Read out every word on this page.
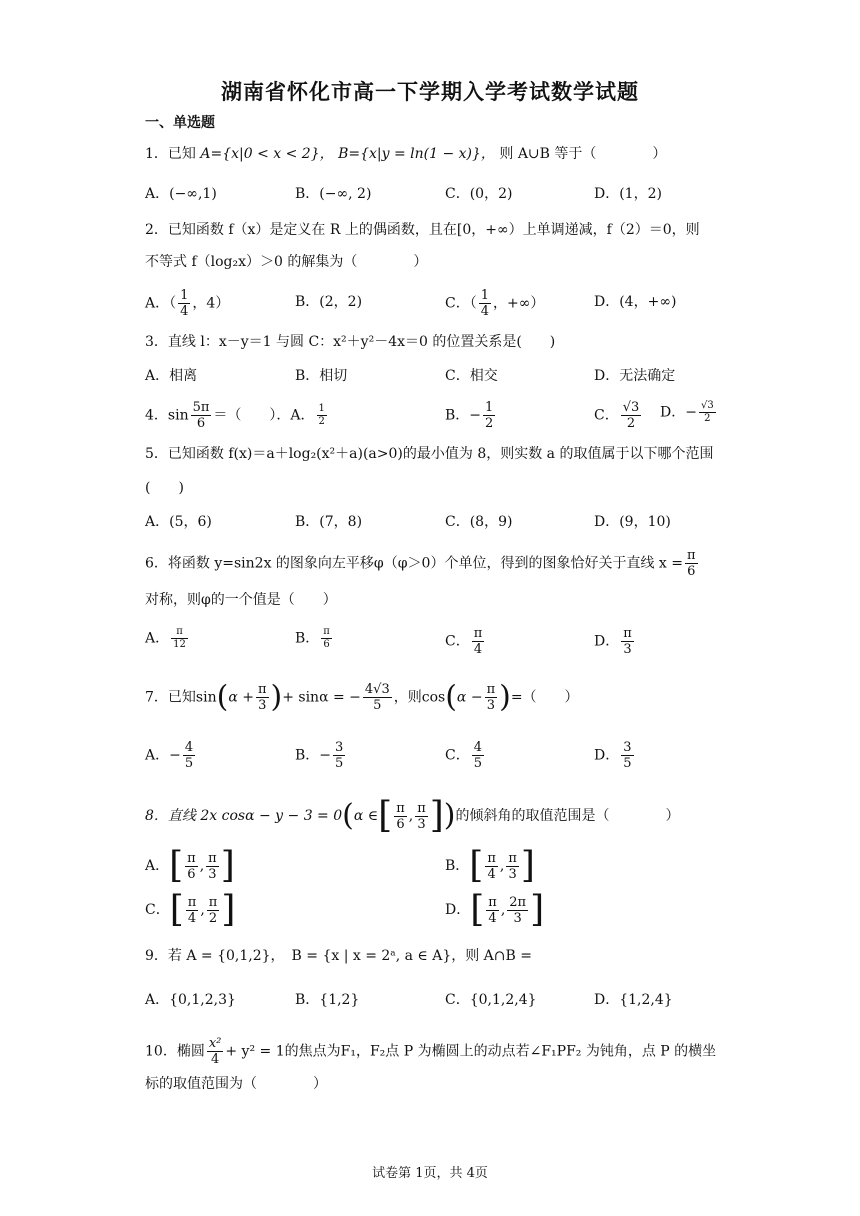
湖南省怀化市高一下学期入学考试数学试题
一、单选题
1．已知 A={x|0 < x < 2}， B={x|y = ln(1 − x)}， 则 A∪B 等于（　　　　）
A．(−∞,1)	B．(−∞, 2)	C．(0，2)	D．(1，2)
2．已知函数 f（x）是定义在 R 上的偶函数，且在[0，+∞）上单调递减，f（2）＝0，则
不等式 f（log₂x）＞0 的解集为（　　　　）
A．（ $\frac{1}{4}$ ，4）	B．(2，2)	C．（ $\frac{1}{4}$ ，+∞）	D．(4，+∞)
3．直线 l：x－y＝1 与圆 C：x²＋y²－4x＝0 的位置关系是(　　)
A．相离	B．相切	C．相交	D．无法确定
4．$\sin \frac{5\pi}{6}$ ＝（　　）．A． $\frac{1}{2}$	B．− $\frac{1}{2}$	C． $\frac{√3}{2}$ D．− $\frac{√3}{2}$
5．已知函数 f(x)＝a＋log₂(x²＋a)(a>0)的最小值为 8，则实数 a 的取值属于以下哪个范围
(　　)
A．(5，6)	B．(7，8)	C．(8，9)	D．(9，10)
6．将函数 y=sin2x 的图象向左平移φ（φ＞0）个单位，得到的图象恰好关于直线 $x = \frac{\pi}{6}$
对称，则φ的一个值是（　　）
A． $\frac{\pi}{12}$	B． $\frac{\pi}{6}$	C． $\frac{\pi}{4}$	D． $\frac{\pi}{3}$
7．已知$\sin(\alpha + \frac{\pi}{3}$ )+ sinα = − $\frac{4√3}{5}$ ，则$\cos(\alpha - \frac{\pi}{3}$ )=（　　）
A．− $\frac{4}{5}$	B．− $\frac{3}{5}$	C． $\frac{4}{5}$	D． $\frac{3}{5}$
8．直线 2x cosα − y − 3 = 0(α ∈[ $\frac{\pi}{6}$ , $\frac{\pi}{3}$ ])的倾斜角的取值范围是（　　　　）
A．[ $\frac{\pi}{6}$ , $\frac{\pi}{3}$ ]	B．[ $\frac{\pi}{4}$ , $\frac{\pi}{3}$ ]
C．[ $\frac{\pi}{4}$ , $\frac{\pi}{2}$ ]	D．[ $\frac{\pi}{4}$ , $\frac{2\pi}{3}$ ]
9．若 A = {0,1,2}，　B = {x | x = 2ᵃ, a ∈ A}，则 A∩B =
A．{0,1,2,3}	B．{1,2}	C．{0,1,2,4}	D．{1,2,4}
10．椭圆 $\frac{\text{x²}}{4} + y^2 = 1$的焦点为F₁，F₂点 P 为椭圆上的动点若∠F₁PF₂ 为钝角，点 P 的横坐
标的取值范围为（　　　　）
试卷第 1页，共 4页
